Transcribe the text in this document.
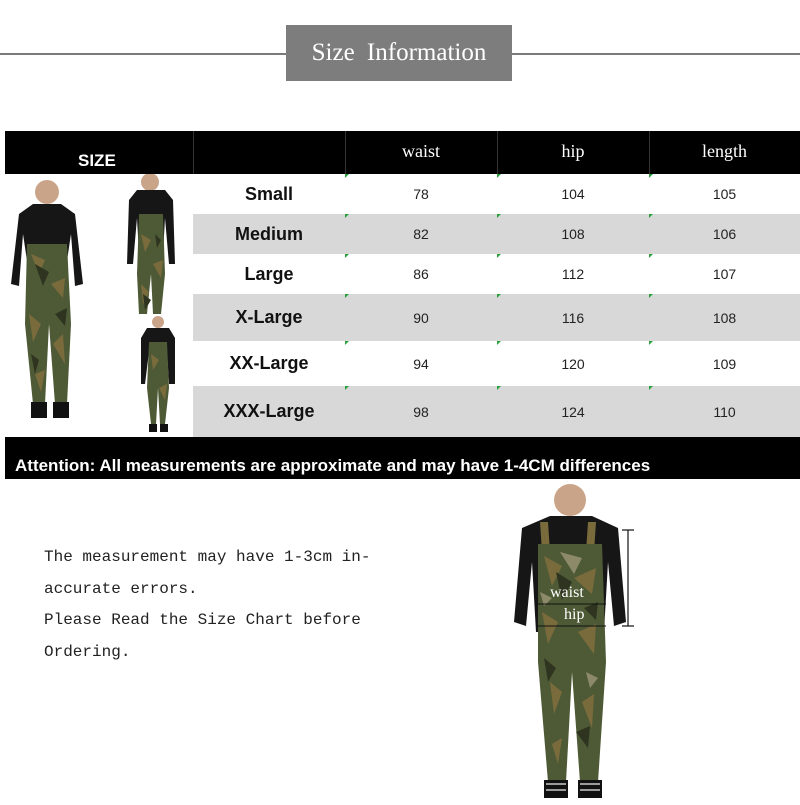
Size Information
SIZE	waist	hip	length
Small	78	104	105
Medium	82	108	106
Large	86	112	107
X-Large	90	116	108
XX-Large	94	120	109
XXX-Large	98	124	110
Attention: All measurements are approximate and may have 1-4CM differences
The measurement may have 1-3cm in-
accurate errors.
Please Read the Size Chart before
Ordering.
waist
hip
